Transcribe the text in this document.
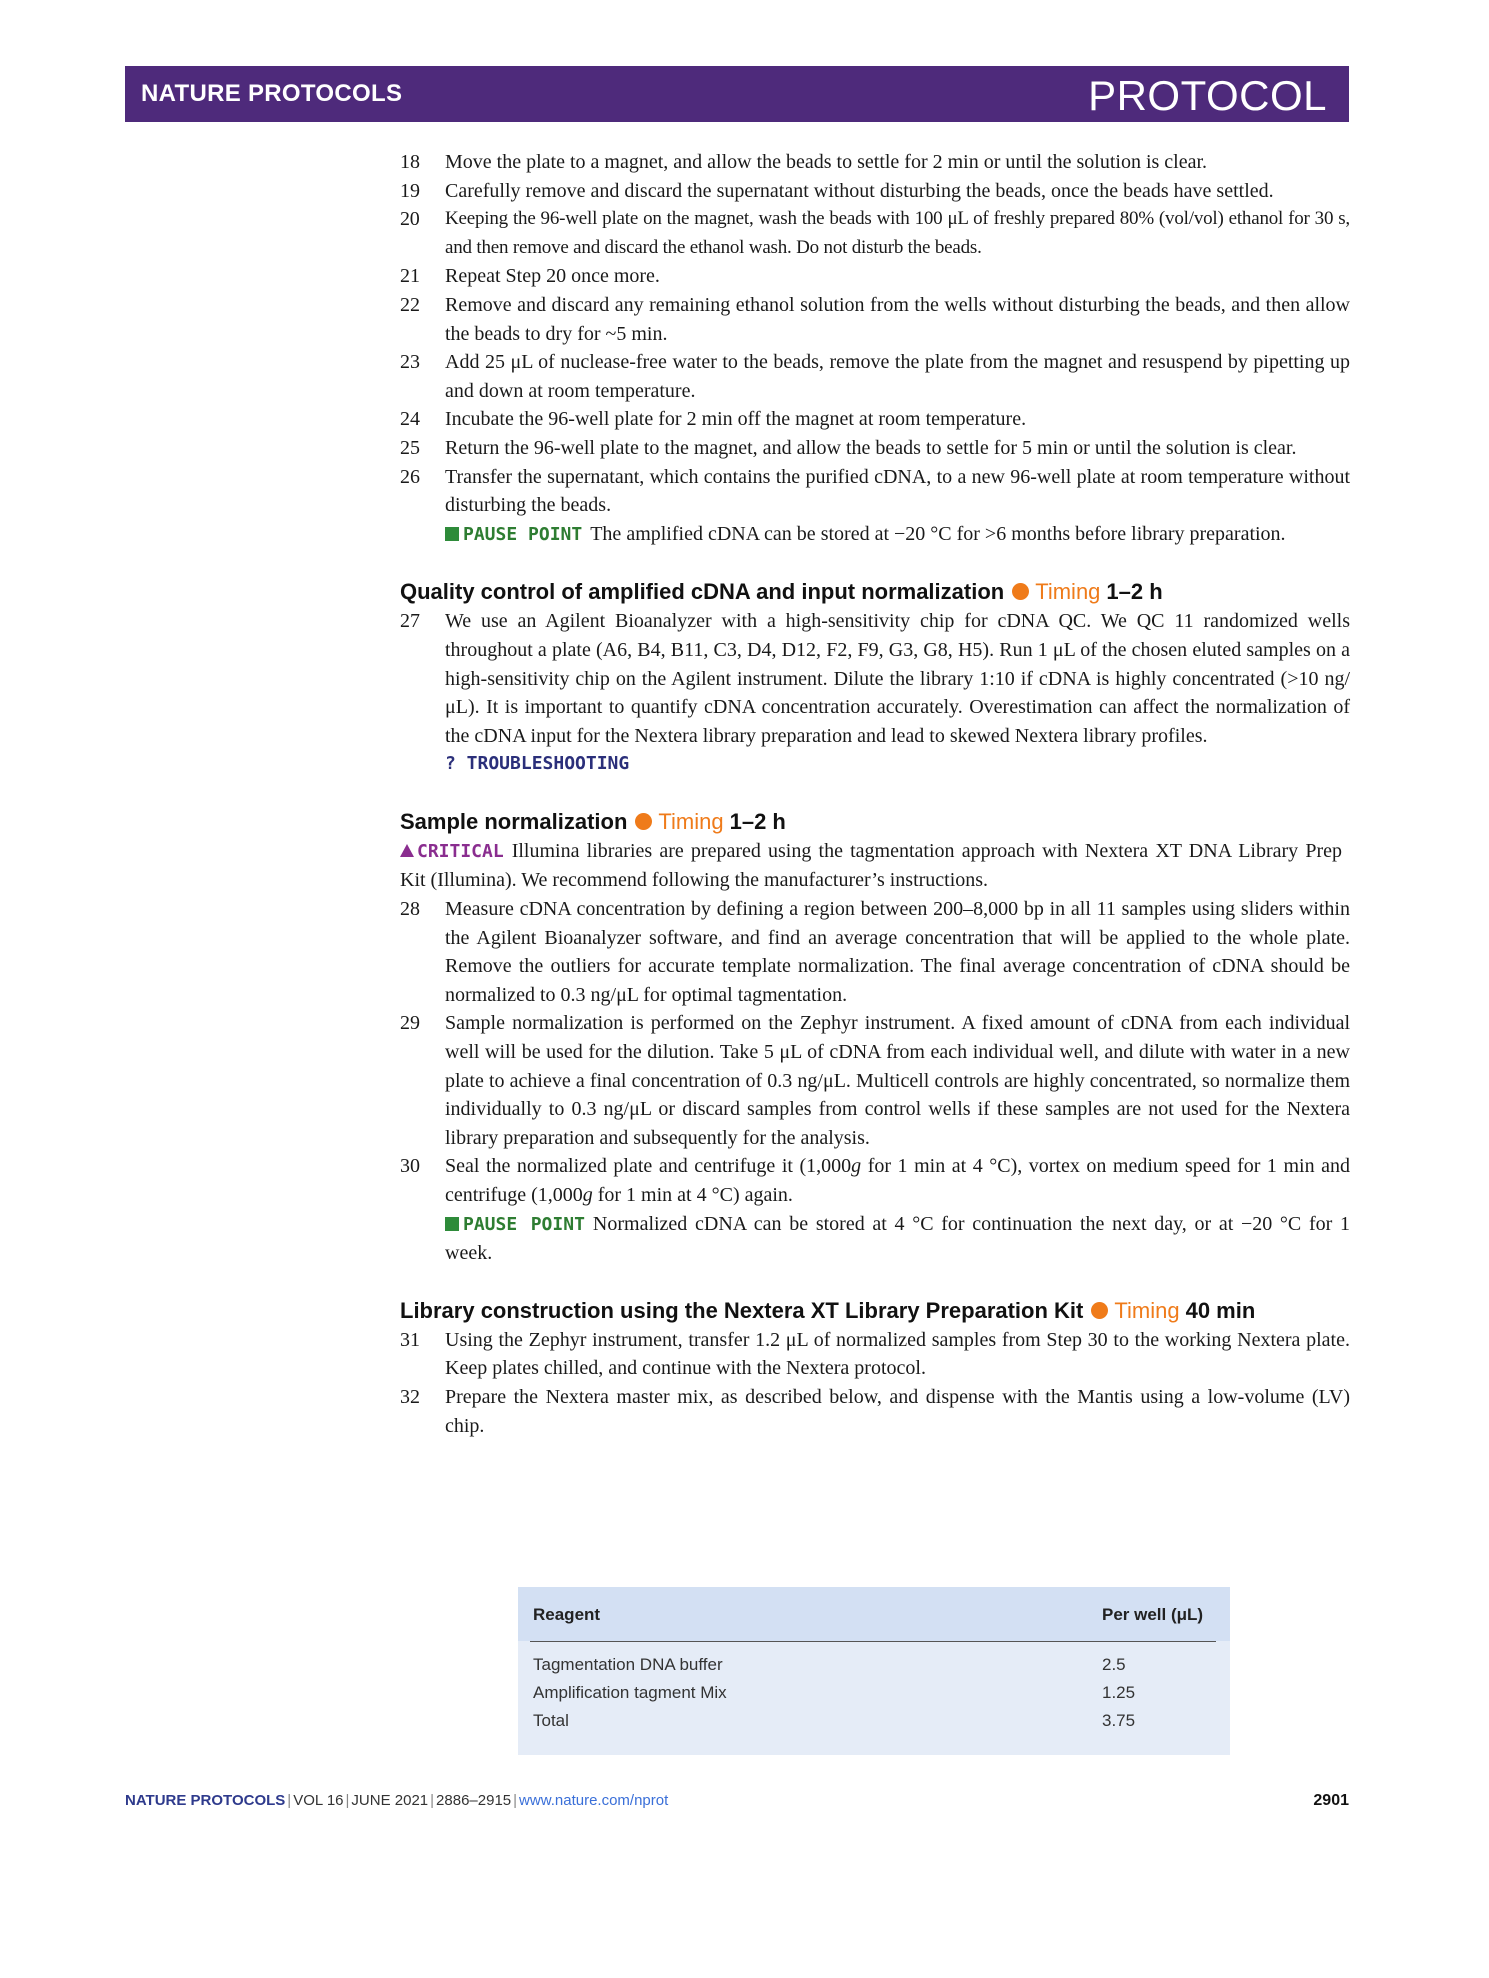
NATURE PROTOCOLS	PROTOCOL
18 Move the plate to a magnet, and allow the beads to settle for 2 min or until the solution is clear.
19 Carefully remove and discard the supernatant without disturbing the beads, once the beads have settled.
20 Keeping the 96-well plate on the magnet, wash the beads with 100 μL of freshly prepared 80% (vol/vol) ethanol for 30 s, and then remove and discard the ethanol wash. Do not disturb the beads.
21 Repeat Step 20 once more.
22 Remove and discard any remaining ethanol solution from the wells without disturbing the beads, and then allow the beads to dry for ~5 min.
23 Add 25 μL of nuclease-free water to the beads, remove the plate from the magnet and resuspend by pipetting up and down at room temperature.
24 Incubate the 96-well plate for 2 min off the magnet at room temperature.
25 Return the 96-well plate to the magnet, and allow the beads to settle for 5 min or until the solution is clear.
26 Transfer the supernatant, which contains the purified cDNA, to a new 96-well plate at room temperature without disturbing the beads.
PAUSE POINT The amplified cDNA can be stored at −20 °C for >6 months before library preparation.
Quality control of amplified cDNA and input normalization Timing 1–2 h
27 We use an Agilent Bioanalyzer with a high-sensitivity chip for cDNA QC. We QC 11 randomized wells throughout a plate (A6, B4, B11, C3, D4, D12, F2, F9, G3, G8, H5). Run 1 μL of the chosen eluted samples on a high-sensitivity chip on the Agilent instrument. Dilute the library 1:10 if cDNA is highly concentrated (>10 ng/μL). It is important to quantify cDNA concentration accurately. Overestimation can affect the normalization of the cDNA input for the Nextera library preparation and lead to skewed Nextera library profiles.
? TROUBLESHOOTING
Sample normalization Timing 1–2 h
CRITICAL Illumina libraries are prepared using the tagmentation approach with Nextera XT DNA Library Prep Kit (Illumina). We recommend following the manufacturer’s instructions.
28 Measure cDNA concentration by defining a region between 200–8,000 bp in all 11 samples using sliders within the Agilent Bioanalyzer software, and find an average concentration that will be applied to the whole plate. Remove the outliers for accurate template normalization. The final average concentration of cDNA should be normalized to 0.3 ng/μL for optimal tagmentation.
29 Sample normalization is performed on the Zephyr instrument. A fixed amount of cDNA from each individual well will be used for the dilution. Take 5 μL of cDNA from each individual well, and dilute with water in a new plate to achieve a final concentration of 0.3 ng/μL. Multicell controls are highly concentrated, so normalize them individually to 0.3 ng/μL or discard samples from control wells if these samples are not used for the Nextera library preparation and subsequently for the analysis.
30 Seal the normalized plate and centrifuge it (1,000g for 1 min at 4 °C), vortex on medium speed for 1 min and centrifuge (1,000g for 1 min at 4 °C) again.
PAUSE POINT Normalized cDNA can be stored at 4 °C for continuation the next day, or at −20 °C for 1 week.
Library construction using the Nextera XT Library Preparation Kit Timing 40 min
31 Using the Zephyr instrument, transfer 1.2 μL of normalized samples from Step 30 to the working Nextera plate. Keep plates chilled, and continue with the Nextera protocol.
32 Prepare the Nextera master mix, as described below, and dispense with the Mantis using a low-volume (LV) chip.
Reagent	Per well (μL)
Tagmentation DNA buffer	2.5
Amplification tagment Mix	1.25
Total	3.75
NATURE PROTOCOLS | VOL 16 | JUNE 2021 | 2886–2915 | www.nature.com/nprot	2901
